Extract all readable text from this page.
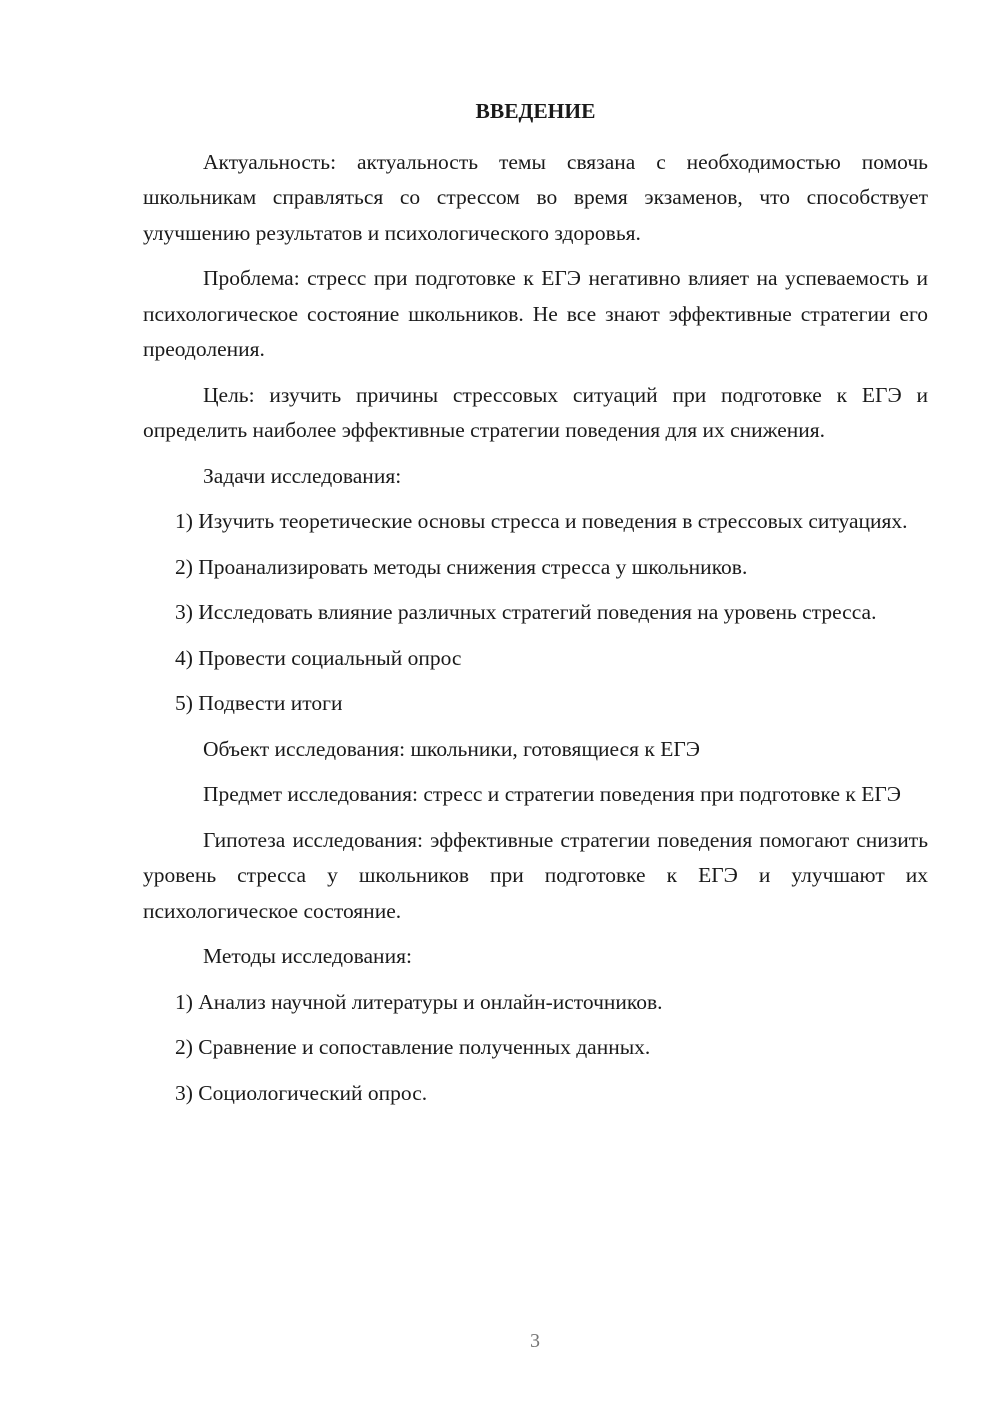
ВВЕДЕНИЕ

Актуальность: актуальность темы связана с необходимостью помочь школьникам справляться со стрессом во время экзаменов, что способствует улучшению результатов и психологического здоровья.

Проблема: стресс при подготовке к ЕГЭ негативно влияет на успеваемость и психологическое состояние школьников. Не все знают эффективные стратегии его преодоления.

Цель: изучить причины стрессовых ситуаций при подготовке к ЕГЭ и определить наиболее эффективные стратегии поведения для их снижения.

Задачи исследования:

1) Изучить теоретические основы стресса и поведения в стрессовых ситуациях.

2) Проанализировать методы снижения стресса у школьников.

3) Исследовать влияние различных стратегий поведения на уровень стресса.

4) Провести социальный опрос

5) Подвести итоги

Объект исследования: школьники, готовящиеся к ЕГЭ

Предмет исследования: стресс и стратегии поведения при подготовке к ЕГЭ

Гипотеза исследования: эффективные стратегии поведения помогают снизить уровень стресса у школьников при подготовке к ЕГЭ и улучшают их психологическое состояние.

Методы исследования:

1) Анализ научной литературы и онлайн-источников.

2) Сравнение и сопоставление полученных данных.

3) Социологический опрос.

3
